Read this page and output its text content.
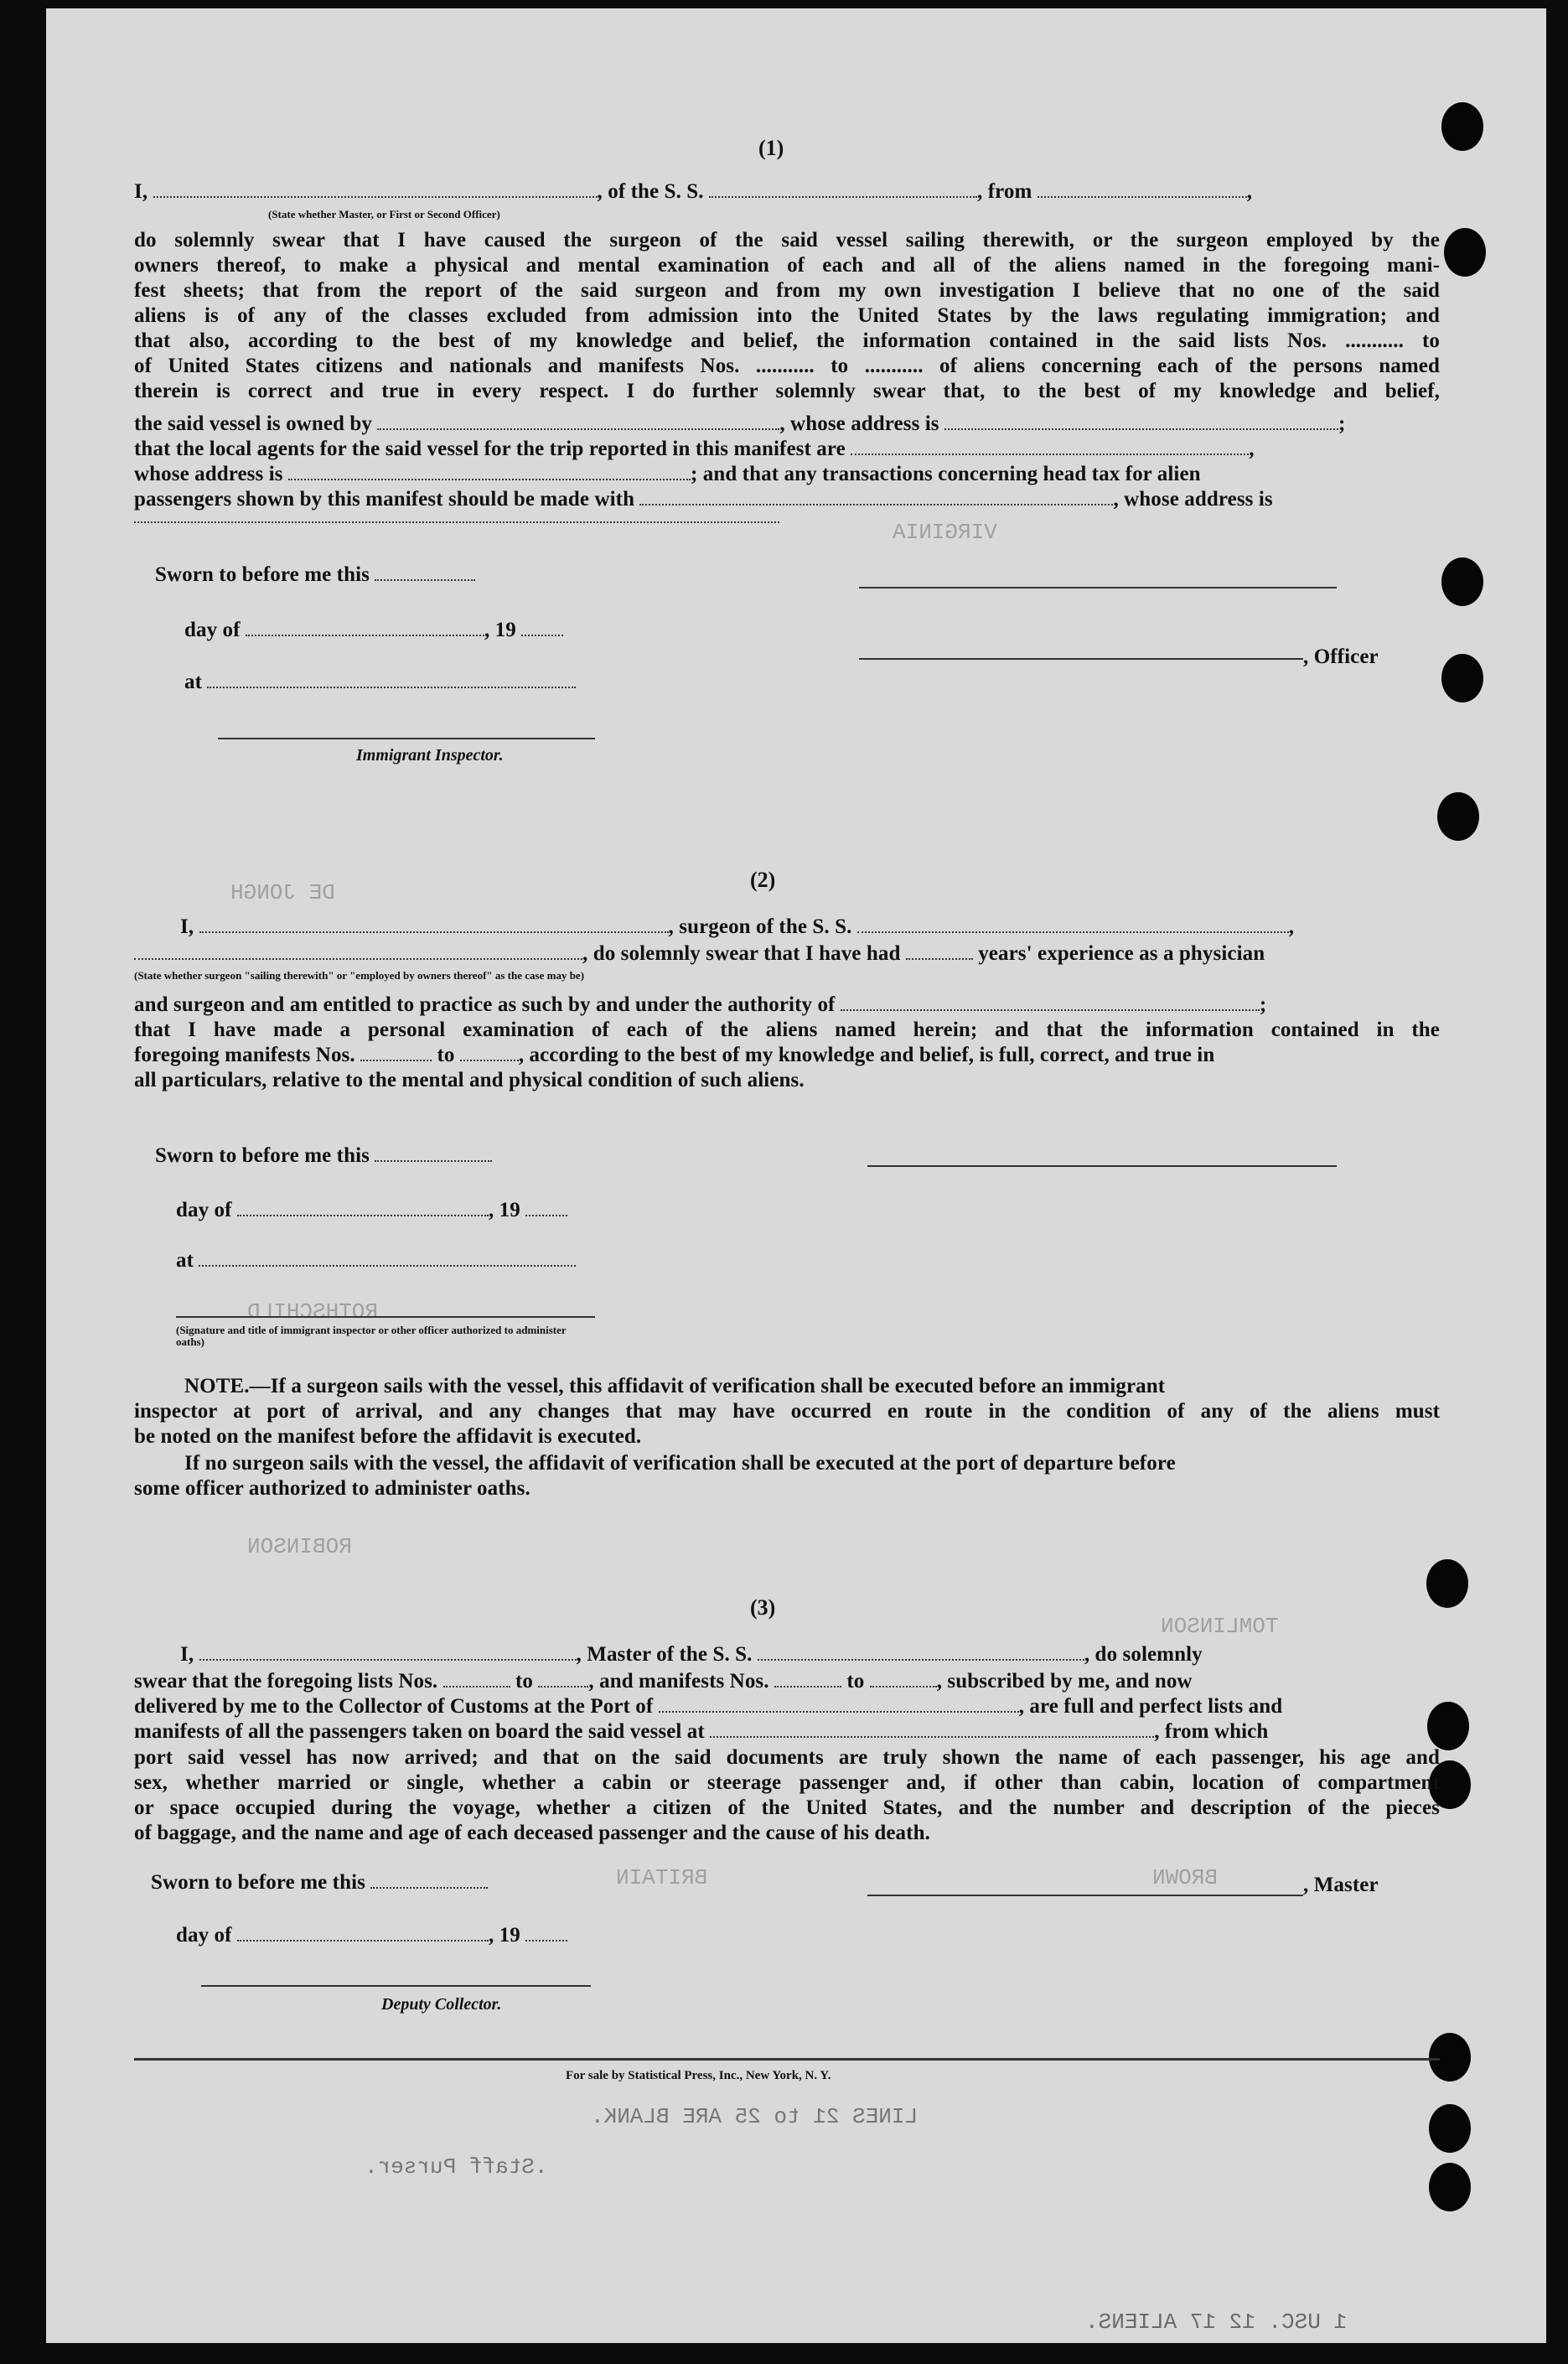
BROWN
BRITAIN
VIRGINIA
DE JONGH
ROTHSCHILD
ROBINSON
TOMLINSON
LINES 21 to 25 ARE BLANK.
.Staff Purser.
1 USC. 12 17 ALIENS.
(1)
I,	, of the S. S.	, from	,
(State whether Master, or First or Second Officer)
do solemnly swear that I have caused the surgeon of the said vessel sailing therewith, or the surgeon employed by the
owners thereof, to make a physical and mental examination of each and all of the aliens named in the foregoing mani-
fest sheets; that from the report of the said surgeon and from my own investigation I believe that no one of the said
aliens is of any of the classes excluded from admission into the United States by the laws regulating immigration; and
that also, according to the best of my knowledge and belief, the information contained in the said lists Nos. ........... to
of United States citizens and nationals and manifests Nos. ........... to ........... of aliens concerning each of the persons named
therein is correct and true in every respect. I do further solemnly swear that, to the best of my knowledge and belief,
the said vessel is owned by	, whose address is	;
that the local agents for the said vessel for the trip reported in this manifest are	,
whose address is	; and that any transactions concerning head tax for alien
passengers shown by this manifest should be made with	, whose address is
Sworn to before me this
day of	, 19
, Officer
at
Immigrant Inspector.
(2)
I,	, surgeon of the S. S.	,
, do solemnly swear that I have had	years' experience as a physician
(State whether surgeon "sailing therewith" or "employed by owners thereof" as the case may be)
and surgeon and am entitled to practice as such by and under the authority of	;
that I have made a personal examination of each of the aliens named herein; and that the information contained in the
foregoing manifests Nos.	to	, according to the best of my knowledge and belief, is full, correct, and true in
all particulars, relative to the mental and physical condition of such aliens.
Sworn to before me this
day of	, 19
at
(Signature and title of immigrant inspector or other officer authorized to administer oaths)
NOTE.—If a surgeon sails with the vessel, this affidavit of verification shall be executed before an immigrant
inspector at port of arrival, and any changes that may have occurred en route in the condition of any of the aliens must
be noted on the manifest before the affidavit is executed.
If no surgeon sails with the vessel, the affidavit of verification shall be executed at the port of departure before
some officer authorized to administer oaths.
(3)
I,	, Master of the S. S.	, do solemnly
swear that the foregoing lists Nos.	to	, and manifests Nos.	to	, subscribed by me, and now
delivered by me to the Collector of Customs at the Port of	, are full and perfect lists and
manifests of all the passengers taken on board the said vessel at	, from which
port said vessel has now arrived; and that on the said documents are truly shown the name of each passenger, his age and
sex, whether married or single, whether a cabin or steerage passenger and, if other than cabin, location of compartment
or space occupied during the voyage, whether a citizen of the United States, and the number and description of the pieces
of baggage, and the name and age of each deceased passenger and the cause of his death.
Sworn to before me this	, Master
day of	, 19
Deputy Collector.
For sale by Statistical Press, Inc., New York, N. Y.
